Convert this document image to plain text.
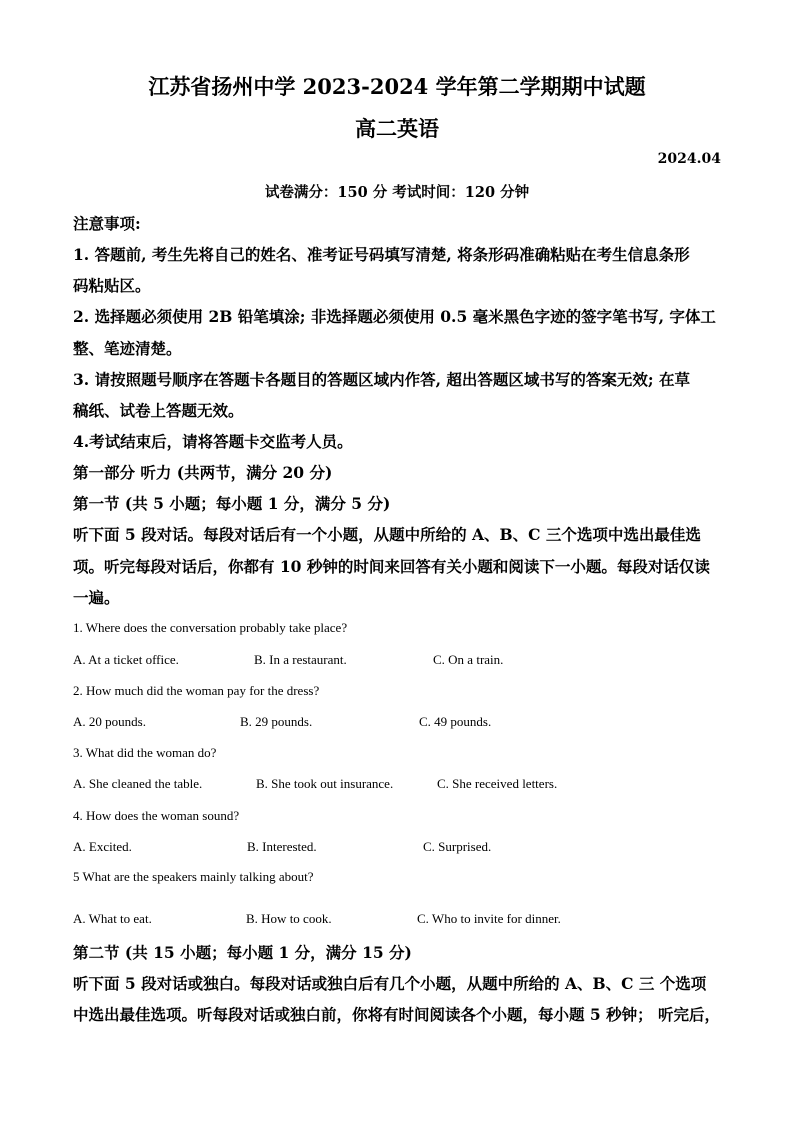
江苏省扬州中学 2023-2024 学年第二学期期中试题
高二英语
2024.04
试卷满分：150 分 考试时间：120 分钟
注意事项:
1. 答题前, 考生先将自己的姓名、准考证号码填写清楚, 将条形码准确粘贴在考生信息条形
码粘贴区。
2. 选择题必须使用 2B 铅笔填涂; 非选择题必须使用 0.5 毫米黑色字迹的签字笔书写, 字体工
整、笔迹清楚。
3. 请按照题号顺序在答题卡各题目的答题区域内作答, 超出答题区域书写的答案无效; 在草
稿纸、试卷上答题无效。
4.考试结束后，请将答题卡交监考人员。
第一部分 听力 (共两节，满分 20 分)
第一节 (共 5 小题；每小题 1 分，满分 5 分)
听下面 5 段对话。每段对话后有一个小题，从题中所给的 A、B、C 三个选项中选出最佳选
项。听完每段对话后，你都有 10 秒钟的时间来回答有关小题和阅读下一小题。每段对话仅读
一遍。
1. Where does the conversation probably take place?
A. At a ticket office.	B. In a restaurant.	C. On a train.
2. How much did the woman pay for the dress?
A. 20 pounds.	B. 29 pounds.	C. 49 pounds.
3. What did the woman do?
A. She cleaned the table.	B. She took out insurance.	C. She received letters.
4. How does the woman sound?
A. Excited.	B. Interested.	C. Surprised.
5 What are the speakers mainly talking about?
A. What to eat.	B. How to cook.	C. Who to invite for dinner.
第二节 (共 15 小题；每小题 1 分，满分 15 分)
听下面 5 段对话或独白。每段对话或独白后有几个小题，从题中所给的 A、B、C 三 个选项
中选出最佳选项。听每段对话或独白前，你将有时间阅读各个小题，每小题 5 秒钟； 听完后，
